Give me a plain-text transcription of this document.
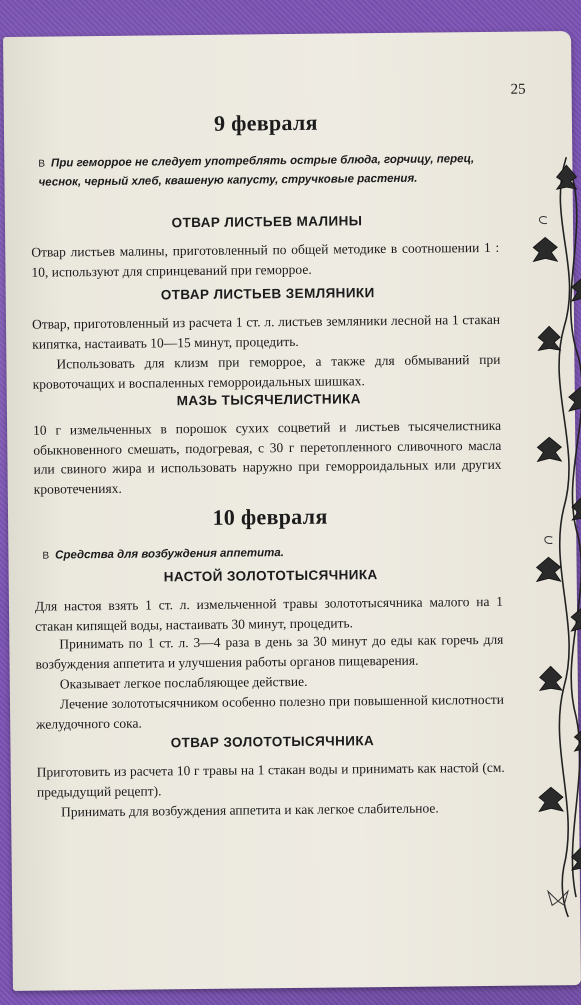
25
9 февраля
В При геморрое не следует употреблять острые блюда, горчицу, перец, чеснок, черный хлеб, квашеную капусту, стручковые растения.
ОТВАР ЛИСТЬЕВ МАЛИНЫ
Отвар листьев малины, приготовленный по общей методике в соотношении 1 : 10, используют для спринцеваний при геморрое.
ОТВАР ЛИСТЬЕВ ЗЕМЛЯНИКИ
Отвар, приготовленный из расчета 1 ст. л. листьев земляники лесной на 1 стакан кипятка, настаивать 10—15 минут, процедить.
Использовать для клизм при геморрое, а также для обмываний при кровоточащих и воспаленных геморроидальных шишках.
МАЗЬ ТЫСЯЧЕЛИСТНИКА
10 г измельченных в порошок сухих соцветий и листьев тысячелистника обыкновенного смешать, подогревая, с 30 г перетопленного сливочного масла или свиного жира и использовать наружно при геморроидальных или других кровотечениях.
10 февраля
В Средства для возбуждения аппетита.
НАСТОЙ ЗОЛОТОТЫСЯЧНИКА
Для настоя взять 1 ст. л. измельченной травы золототысячника малого на 1 стакан кипящей воды, настаивать 30 минут, процедить.
Принимать по 1 ст. л. 3—4 раза в день за 30 минут до еды как горечь для возбуждения аппетита и улучшения работы органов пищеварения.
Оказывает легкое послабляющее действие.
Лечение золототысячником особенно полезно при повышенной кислотности желудочного сока.
ОТВАР ЗОЛОТОТЫСЯЧНИКА
Приготовить из расчета 10 г травы на 1 стакан воды и принимать как настой (см. предыдущий рецепт).
Принимать для возбуждения аппетита и как легкое слабительное.
